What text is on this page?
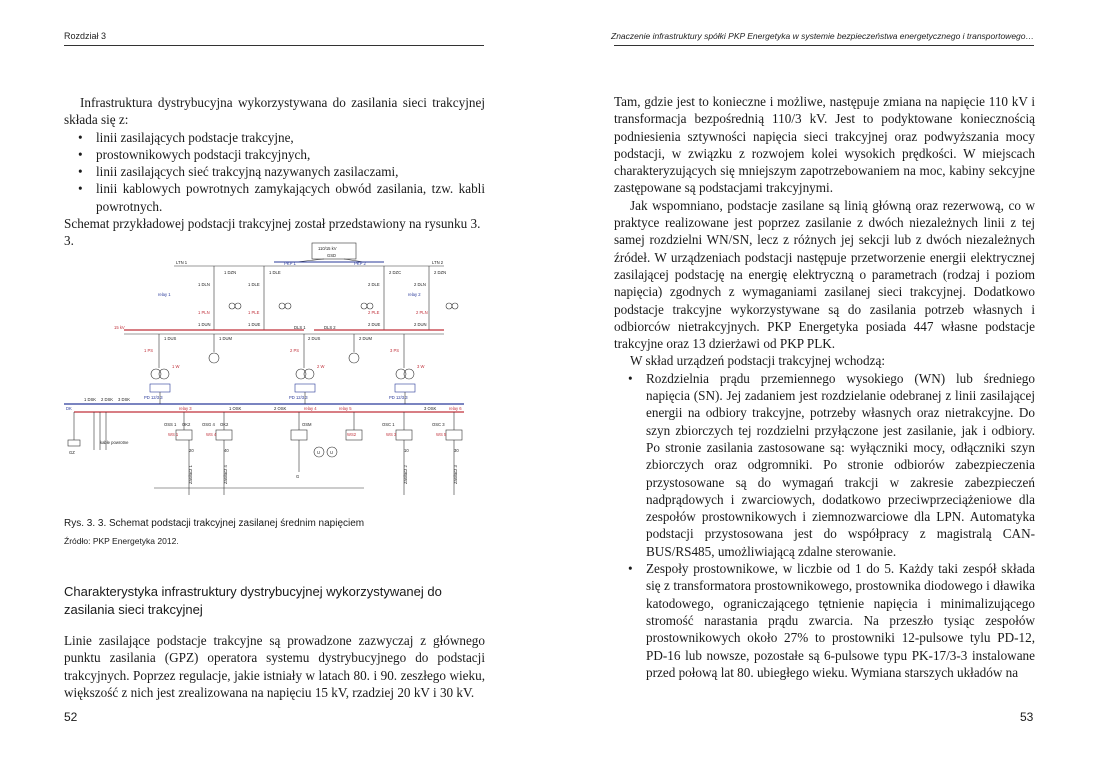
Rozdział 3

Infrastruktura dystrybucyjna wykorzystywana do zasilania sieci trakcyjnej składa się z:

• linii zasilających podstacje trakcyjne,
• prostownikowych podstacji trakcyjnych,
• linii zasilających sieć trakcyjną nazywanych zasilaczami,
• linii kablowych powrotnych zamykających obwód zasilania, tzw. kabli powrotnych.

Schemat przykładowej podstacji trakcyjnej został przedstawiony na rysunku 3. 3.

110/15 kV
GSD
PKP 1	PKP 2
LTN 1	LTN 2
1 DZN	1 DLE	2 DZC	2 DZN
1 DLN	1 DLE	2 DLE	2 DLN
relay 1	relay 2
1 PLN	1 PLE	2 PLE	2 PLN
1 DUN	1 DUE	2 DUE	2 DUN
15 kV	DLS 1	DLS 2
1 DUS	2 DUS
1 DUM	2 DUM
1 PS	2 PS	3 PS
1 W	2 W	3 W
PD 12/3.3	PD 12/3.3	PD 12/3.3
1 DSK 2 DSK 3 DSK
1 OSK	2 OSK	3 OSK
relay 3	relay 4	relay 5	relay 6
DK
kable powrotne
G
OSS 1 OK2
WS 1
OSG 4 OK2
WS 4
OSM
WS2
OSC 1	OSC 3
WS 3	WS 5
20	40	10	30
Zasilacz 1	Zasilacz 4	Zasilacz 2	Zasilacz 3
GZ	U U
Rys. 3. 3. Schemat podstacji trakcyjnej zasilanej średnim napięciem
Źródło: PKP Energetyka 2012.
Charakterystyka infrastruktury dystrybucyjnej wykorzystywanej do zasilania sieci trakcyjnej
Linie zasilające podstacje trakcyjne są prowadzone zazwyczaj z głównego punktu zasilania (GPZ) operatora systemu dystrybucyjnego do podstacji trakcyjnych. Poprzez regulacje, jakie istniały w latach 80. i 90. zeszłego wieku, większość z nich jest zrealizowana na napięciu 15 kV, rzadziej 20 kV i 30 kV.
52
Znaczenie infrastruktury spółki PKP Energetyka w systemie bezpieczeństwa energetycznego i transportowego…

Tam, gdzie jest to konieczne i możliwe, następuje zmiana na napięcie 110 kV i transformacja bezpośrednią 110/3 kV. Jest to podyktowane koniecznością podniesienia sztywności napięcia sieci trakcyjnej oraz podwyższania mocy podstacji, w związku z rozwojem kolei wysokich prędkości. W miejscach charakteryzujących się mniejszym zapotrzebowaniem na moc, kabiny sekcyjne zastępowane są podstacjami trakcyjnymi.

Jak wspomniano, podstacje zasilane są linią główną oraz rezerwową, co w praktyce realizowane jest poprzez zasilanie z dwóch niezależnych linii z tej samej rozdzielni WN/SN, lecz z różnych jej sekcji lub z dwóch niezależnych źródeł. W urządzeniach podstacji następuje przetworzenie energii elektrycznej zasilającej podstację na energię elektryczną o parametrach (rodzaj i poziom napięcia) zgodnych z wymaganiami zasilanej sieci trakcyjnej. Dodatkowo podstacje trakcyjne wykorzystywane są do zasilania potrzeb własnych i odbiorców nietrakcyjnych. PKP Energetyka posiada 447 własne podstacje trakcyjne oraz 13 dzierżawi od PKP PLK.

W skład urządzeń podstacji trakcyjnej wchodzą:

• Rozdzielnia prądu przemiennego wysokiego (WN) lub średniego napięcia (SN). Jej zadaniem jest rozdzielanie odebranej z linii zasilającej energii na odbiory trakcyjne, potrzeby własnych oraz nietrakcyjne. Do szyn zbiorczych tej rozdzielni przyłączone jest zasilanie, jak i odbiory. Po stronie zasilania zastosowane są: wyłączniki mocy, odłączniki szyn zbiorczych oraz odgromniki. Po stronie odbiorów zabezpieczenia przystosowane są do wymagań trakcji w zakresie zabezpieczeń nadprądowych i zwarciowych, dodatkowo przeciwprzeciążeniowe dla zespołów prostownikowych i ziemnozwarciowe dla LPN. Automatyka podstacji przystosowana jest do współpracy z magistralą CAN-BUS/RS485, umożliwiającą zdalne sterowanie.
• Zespoły prostownikowe, w liczbie od 1 do 5. Każdy taki zespół składa się z transformatora prostownikowego, prostownika diodowego i dławika katodowego, ograniczającego tętnienie napięcia i minimalizującego stromość narastania prądu zwarcia. Na przeszło tysiąc zespołów prostownikowych około 27% to prostowniki 12-pulsowe tylu PD-12, PD-16 lub nowsze, pozostałe są 6-pulsowe typu PK-17/3-3 instalowane przed połową lat 80. ubiegłego wieku. Wymiana starszych układów na
53
